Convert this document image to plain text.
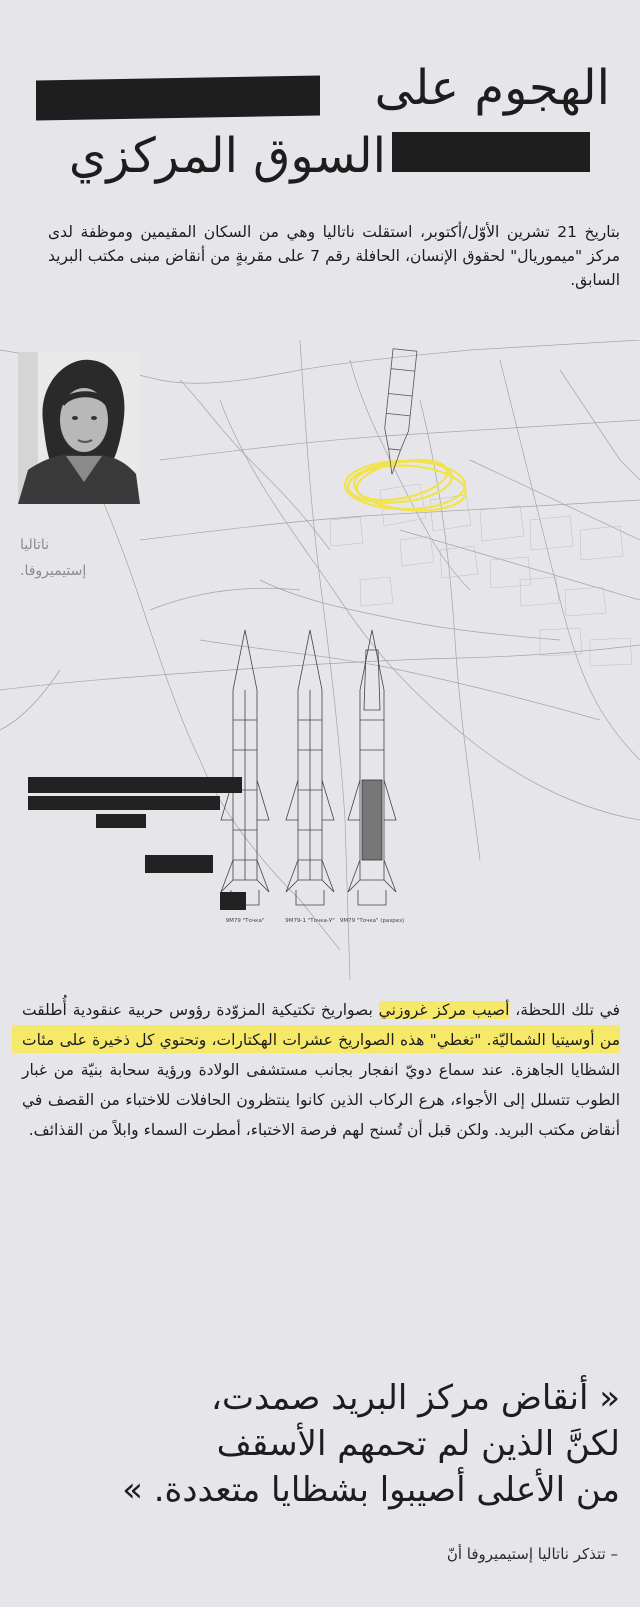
الهجوم على
السوق المركزي
بتاريخ 21 تشرين الأوّل/أكتوبر، استقلت ناتاليا وهي من السكان المقيمين وموظفة لدى مركز "ميموريال" لحقوق الإنسان، الحافلة رقم 7 على مقربةٍ من أنقاض مبنى مكتب البريد السابق.
9M79 "Tочка"	9M79-1 "Tочка-У" 9M79 "Tочка" (разрез)
ناتاليا
إستيميروفا.
في تلك اللحظة، أصيب مركز غروزني بصواريخ تكتيكية المزوّدة رؤوس حربية عنقودية أُطلقت من أوسيتيا الشماليّة. "تغطي" هذه الصواريخ عشرات الهكتارات، وتحتوي كل ذخيرة على مئات الشظايا الجاهزة. عند سماع دويّ انفجار بجانب مستشفى الولادة ورؤية سحابة بنيّة من غبار الطوب تتسلل إلى الأجواء، هرع الركاب الذين كانوا ينتظرون الحافلات للاختباء من القصف في أنقاض مكتب البريد. ولكن قبل أن تُسنح لهم فرصة الاختباء، أمطرت السماء وابلاً من القذائف.
« أنقاض مركز البريد صمدت،
لكنَّ الذين لم تحمهم الأسقف
من الأعلى أصيبوا بشظايا متعددة. »
– تتذكر ناتاليا إستيميروفا أنّ
